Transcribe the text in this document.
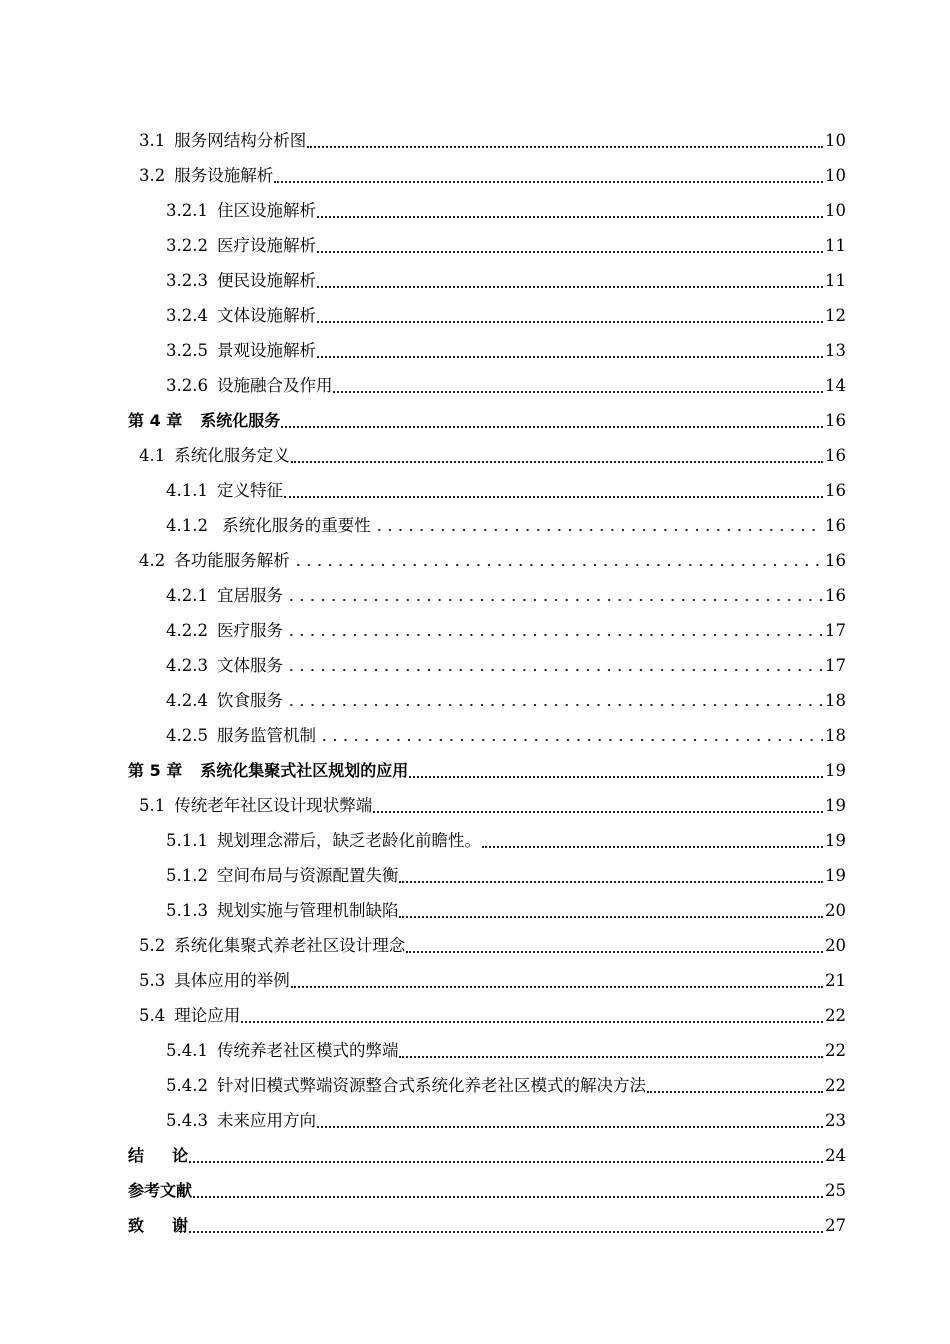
3.1 服务网结构分析图	10
3.2 服务设施解析	10
3.2.1 住区设施解析	10
3.2.2 医疗设施解析	11
3.2.3 便民设施解析	11
3.2.4 文体设施解析	12
3.2.5 景观设施解析	13
3.2.6 设施融合及作用	14
第 4 章 系统化服务	16
4.1 系统化服务定义	16
4.1.1 定义特征	16
4.1.2 系统化服务的重要性	16
4.2 各功能服务解析	16
4.2.1 宜居服务	16
4.2.2 医疗服务	17
4.2.3 文体服务	17
4.2.4 饮食服务	18
4.2.5 服务监管机制	18
第 5 章 系统化集聚式社区规划的应用	19
5.1 传统老年社区设计现状弊端	19
5.1.1 规划理念滞后，缺乏老龄化前瞻性。	19
5.1.2 空间布局与资源配置失衡	19
5.1.3 规划实施与管理机制缺陷	20
5.2 系统化集聚式养老社区设计理念	20
5.3 具体应用的举例	21
5.4 理论应用	22
5.4.1 传统养老社区模式的弊端	22
5.4.2 针对旧模式弊端资源整合式系统化养老社区模式的解决方法	22
5.4.3 未来应用方向	23
结论	24
参考文献	25
致谢	27
